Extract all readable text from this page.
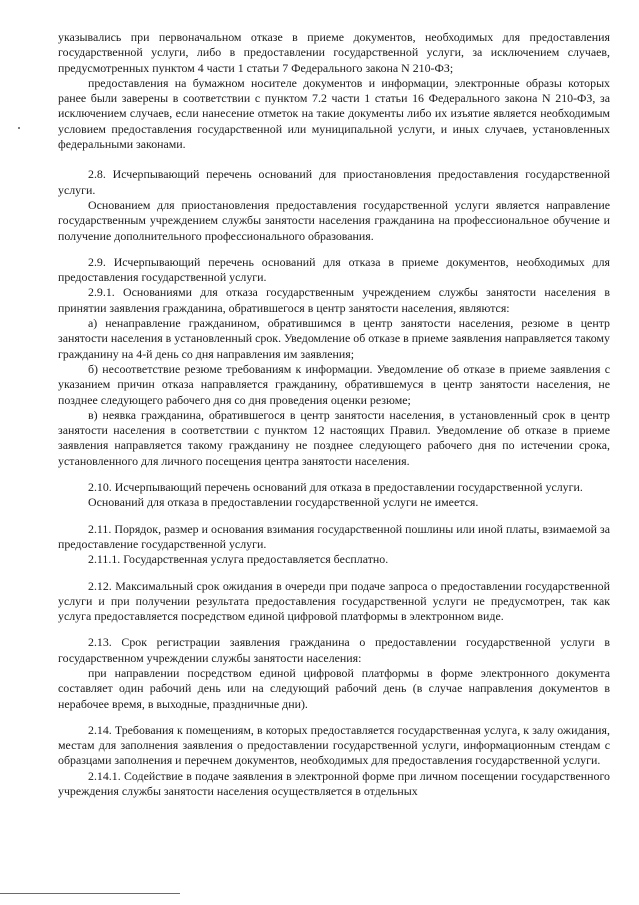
указывались при первоначальном отказе в приеме документов, необходимых для предоставления государственной услуги, либо в предоставлении государственной услуги, за исключением случаев, предусмотренных пунктом 4 части 1 статьи 7 Федерального закона N 210-ФЗ;

предоставления на бумажном носителе документов и информации, электронные образы которых ранее были заверены в соответствии с пунктом 7.2 части 1 статьи 16 Федерального закона N 210-ФЗ, за исключением случаев, если нанесение отметок на такие документы либо их изъятие является необходимым условием предоставления государственной или муниципальной услуги, и иных случаев, установленных федеральными законами.

2.8. Исчерпывающий перечень оснований для приостановления предоставления государственной услуги.

Основанием для приостановления предоставления государственной услуги является направление государственным учреждением службы занятости населения гражданина на профессиональное обучение и получение дополнительного профессионального образования.

2.9. Исчерпывающий перечень оснований для отказа в приеме документов, необходимых для предоставления государственной услуги.

2.9.1. Основаниями для отказа государственным учреждением службы занятости населения в принятии заявления гражданина, обратившегося в центр занятости населения, являются:

а) ненаправление гражданином, обратившимся в центр занятости населения, резюме в центр занятости населения в установленный срок. Уведомление об отказе в приеме заявления направляется такому гражданину на 4-й день со дня направления им заявления;

б) несоответствие резюме требованиям к информации. Уведомление об отказе в приеме заявления с указанием причин отказа направляется гражданину, обратившемуся в центр занятости населения, не позднее следующего рабочего дня со дня проведения оценки резюме;

в) неявка гражданина, обратившегося в центр занятости населения, в установленный срок в центр занятости населения в соответствии с пунктом 12 настоящих Правил. Уведомление об отказе в приеме заявления направляется такому гражданину не позднее следующего рабочего дня по истечении срока, установленного для личного посещения центра занятости населения.

2.10. Исчерпывающий перечень оснований для отказа в предоставлении государственной услуги.

Оснований для отказа в предоставлении государственной услуги не имеется.

2.11. Порядок, размер и основания взимания государственной пошлины или иной платы, взимаемой за предоставление государственной услуги.

2.11.1. Государственная услуга предоставляется бесплатно.

2.12. Максимальный срок ожидания в очереди при подаче запроса о предоставлении государственной услуги и при получении результата предоставления государственной услуги не предусмотрен, так как услуга предоставляется посредством единой цифровой платформы в электронном виде.

2.13. Срок регистрации заявления гражданина о предоставлении государственной услуги в государственном учреждении службы занятости населения:

при направлении посредством единой цифровой платформы в форме электронного документа составляет один рабочий день или на следующий рабочий день (в случае направления документов в нерабочее время, в выходные, праздничные дни).

2.14. Требования к помещениям, в которых предоставляется государственная услуга, к залу ожидания, местам для заполнения заявления о предоставлении государственной услуги, информационным стендам с образцами заполнения и перечнем документов, необходимых для предоставления государственной услуги.

2.14.1. Содействие в подаче заявления в электронной форме при личном посещении государственного учреждения службы занятости населения осуществляется в отдельных
